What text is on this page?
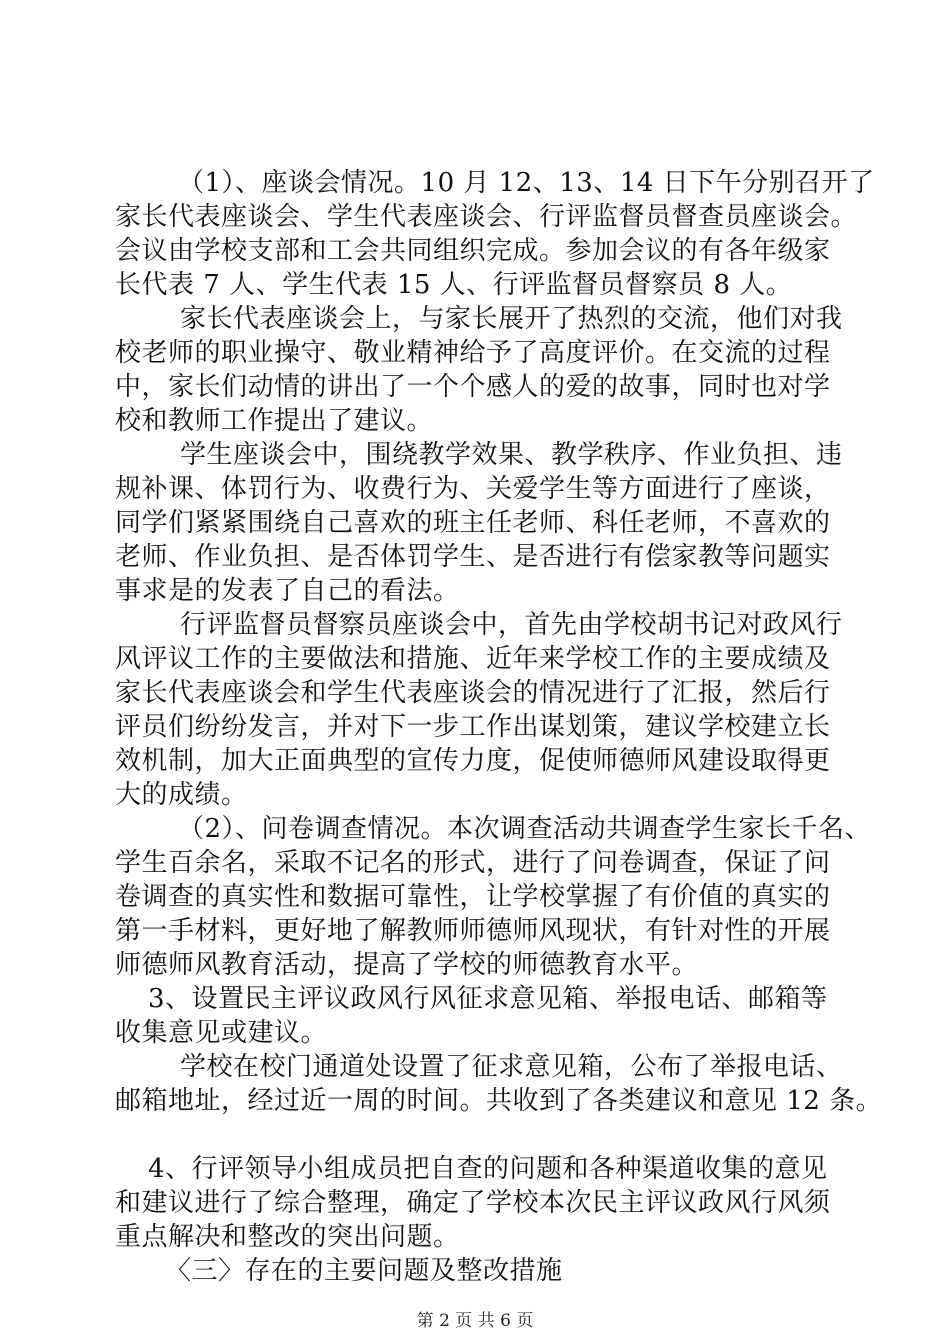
（1）、座谈会情况。10 月 12、13、14 日下午分别召开了
家长代表座谈会、学生代表座谈会、行评监督员督查员座谈会。
会议由学校支部和工会共同组织完成。参加会议的有各年级家
长代表 7 人、学生代表 15 人、行评监督员督察员 8 人。
家长代表座谈会上，与家长展开了热烈的交流，他们对我
校老师的职业操守、敬业精神给予了高度评价。在交流的过程
中，家长们动情的讲出了一个个感人的爱的故事，同时也对学
校和教师工作提出了建议。
学生座谈会中，围绕教学效果、教学秩序、作业负担、违
规补课、体罚行为、收费行为、关爱学生等方面进行了座谈，
同学们紧紧围绕自己喜欢的班主任老师、科任老师，不喜欢的
老师、作业负担、是否体罚学生、是否进行有偿家教等问题实
事求是的发表了自己的看法。
行评监督员督察员座谈会中，首先由学校胡书记对政风行
风评议工作的主要做法和措施、近年来学校工作的主要成绩及
家长代表座谈会和学生代表座谈会的情况进行了汇报，然后行
评员们纷纷发言，并对下一步工作出谋划策，建议学校建立长
效机制，加大正面典型的宣传力度，促使师德师风建设取得更
大的成绩。
（2）、问卷调查情况。本次调查活动共调查学生家长千名、
学生百余名，采取不记名的形式，进行了问卷调查，保证了问
卷调查的真实性和数据可靠性，让学校掌握了有价值的真实的
第一手材料，更好地了解教师师德师风现状，有针对性的开展
师德师风教育活动，提高了学校的师德教育水平。
3、设置民主评议政风行风征求意见箱、举报电话、邮箱等
收集意见或建议。
学校在校门通道处设置了征求意见箱，公布了举报电话、
邮箱地址，经过近一周的时间。共收到了各类建议和意见 12 条。
4、行评领导小组成员把自查的问题和各种渠道收集的意见
和建议进行了综合整理，确定了学校本次民主评议政风行风须
重点解决和整改的突出问题。
〈三〉存在的主要问题及整改措施
第 2 页 共 6 页
